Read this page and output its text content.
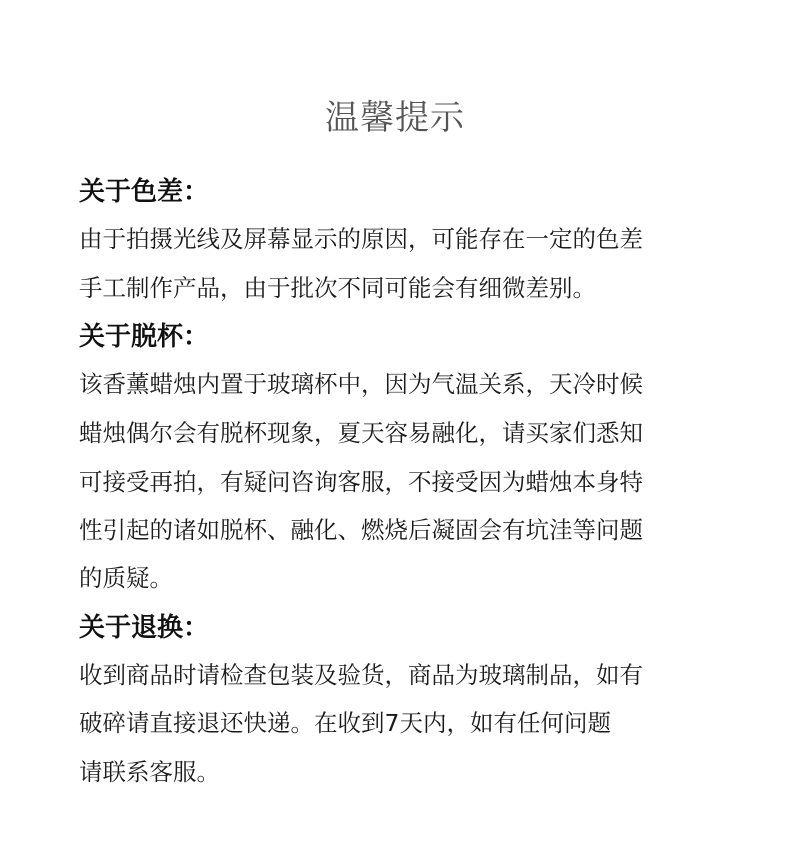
温馨提示
关于色差：
由于拍摄光线及屏幕显示的原因，可能存在一定的色差
手工制作产品，由于批次不同可能会有细微差别。
关于脱杯：
该香薰蜡烛内置于玻璃杯中，因为气温关系，天冷时候
蜡烛偶尔会有脱杯现象，夏天容易融化，请买家们悉知
可接受再拍，有疑问咨询客服，不接受因为蜡烛本身特
性引起的诸如脱杯、融化、燃烧后凝固会有坑洼等问题
的质疑。
关于退换：
收到商品时请检查包装及验货，商品为玻璃制品，如有
破碎请直接退还快递。在收到7天内，如有任何问题
请联系客服。
